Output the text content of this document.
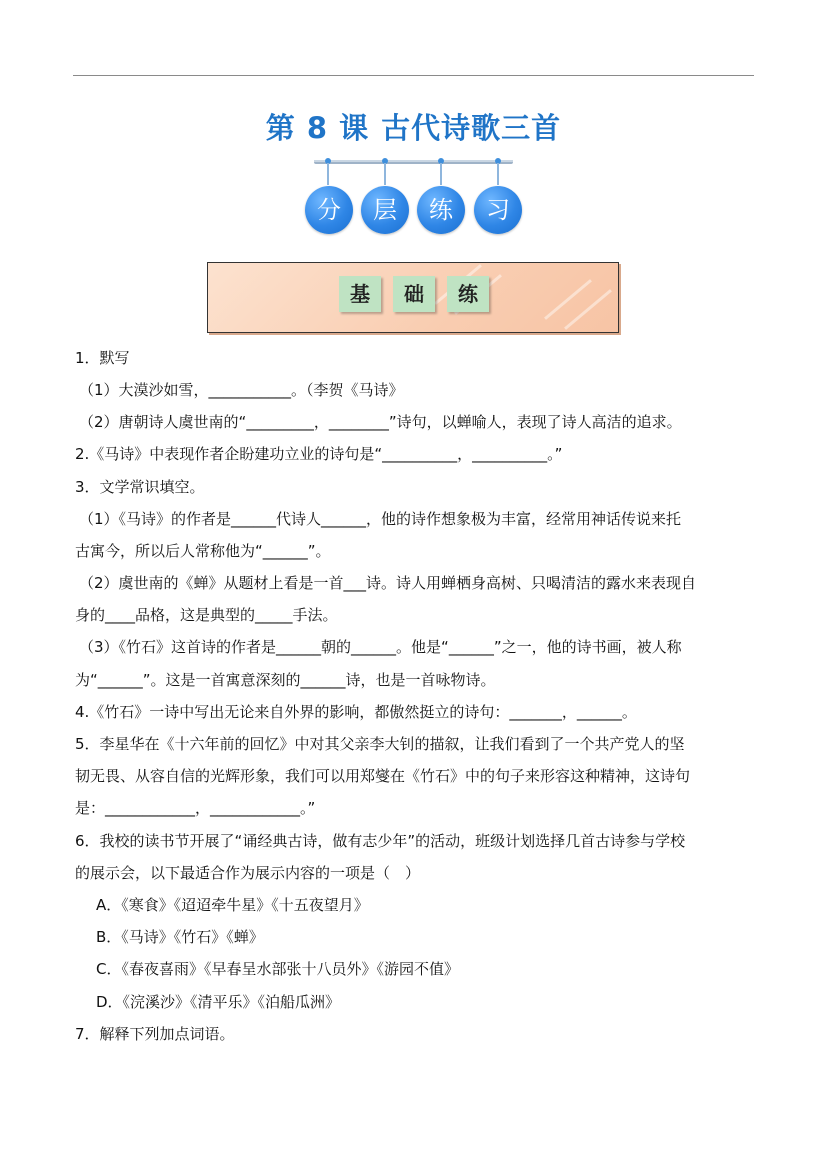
第 8 课 古代诗歌三首
分	层	练	习
基	础	练
1．默写
（1）大漠沙如雪，___________。（李贺《马诗》
（2）唐朝诗人虞世南的“_________，________”诗句，以蝉喻人，表现了诗人高洁的追求。
2.《马诗》中表现作者企盼建功立业的诗句是“__________，__________。”
3．文学常识填空。
（1）《马诗》的作者是______代诗人______，他的诗作想象极为丰富，经常用神话传说来托
古寓今，所以后人常称他为“______”。
（2）虞世南的《蝉》从题材上看是一首___诗。诗人用蝉栖身高树、只喝清洁的露水来表现自
身的____品格，这是典型的_____手法。
（3）《竹石》这首诗的作者是______朝的______。他是“______”之一，他的诗书画，被人称
为“______”。这是一首寓意深刻的______诗，也是一首咏物诗。
4.《竹石》一诗中写出无论来自外界的影响，都傲然挺立的诗句：_______，______。
5．李星华在《十六年前的回忆》中对其父亲李大钊的描叙，让我们看到了一个共产党人的坚
韧无畏、从容自信的光辉形象，我们可以用郑燮在《竹石》中的句子来形容这种精神，这诗句
是：____________，____________。”
6．我校的读书节开展了“诵经典古诗，做有志少年”的活动，班级计划选择几首古诗参与学校
的展示会，以下最适合作为展示内容的一项是（　）
A．《寒食》《迢迢牵牛星》《十五夜望月》
B．《马诗》《竹石》《蝉》
C．《春夜喜雨》《早春呈水部张十八员外》《游园不值》
D．《浣溪沙》《清平乐》《泊船瓜洲》
7．解释下列加点词语。
